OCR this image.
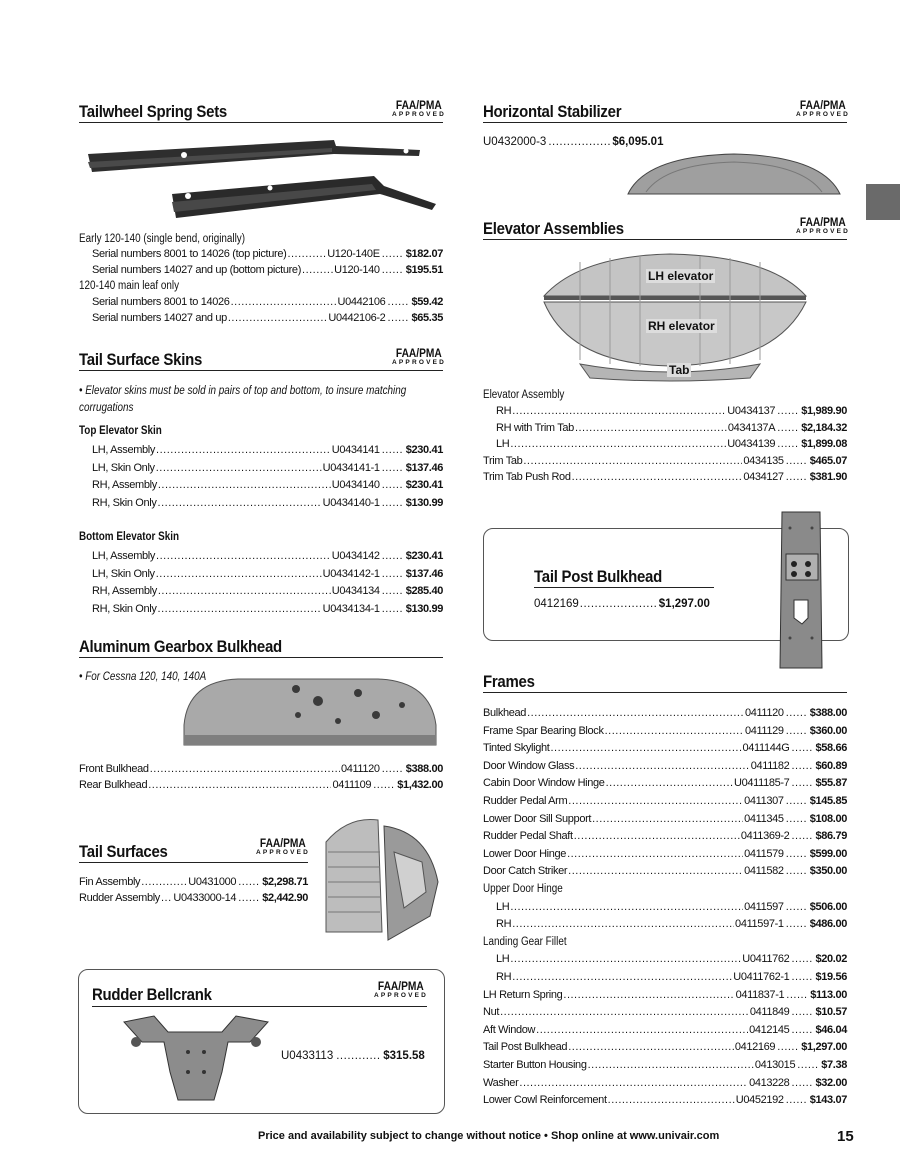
Tailwheel Spring Sets	FAA/PMA
APPROVED
Early 120-140 (single bend, originally)
120-140 main leaf only
Tail Surface Skins	FAA/PMA
APPROVED
• Elevator skins must be sold in pairs of top and bottom, to insure matching corrugations
Top Elevator Skin
Bottom Elevator Skin
Aluminum Gearbox Bulkhead
• For Cessna 120, 140, 140A
Tail Surfaces	FAA/PMA
APPROVED
Rudder Bellcrank	FAA/PMA
APPROVED
U0433113 .....	$315.58
Horizontal Stabilizer	FAA/PMA
APPROVED
U0432000-3 .....	$6,095.01
Elevator Assemblies	FAA/PMA
APPROVED
LH elevator
RH elevator
Tab
Elevator Assembly
Tail Post Bulkhead
0412169 .....	$1,297.00
Frames
Serial numbers 8001 to 14026 (top picture) .....	U120-140E ..... $182.07
Serial numbers 14027 and up (bottom picture) .....	U120-140 ..... $195.51
Serial numbers 8001 to 14026 .....	U0442106 ..... $59.42
Serial numbers 14027 and up .....	U0442106-2 ..... $65.35
LH, Assembly .....	U0434141 ..... $230.41
LH, Skin Only .....	U0434141-1 ..... $137.46
RH, Assembly .....	U0434140 ..... $230.41
RH, Skin Only .....	U0434140-1 ..... $130.99
LH, Assembly .....	U0434142 ..... $230.41
LH, Skin Only .....	U0434142-1 ..... $137.46
RH, Assembly .....	U0434134 ..... $285.40
RH, Skin Only .....	U0434134-1 ..... $130.99
Front Bulkhead .....	0411120 ..... $388.00
Rear Bulkhead .....	0411109 ..... $1,432.00
Fin Assembly .....	U0431000 ..... $2,298.71
Rudder Assembly ..... U0433000-14 ..... $2,442.90
RH .....	U0434137 ..... $1,989.90
RH with Trim Tab .....	0434137A ..... $2,184.32
LH .....	U0434139 ..... $1,899.08
Trim Tab .....	0434135 ..... $465.07
Trim Tab Push Rod .....	0434127 ..... $381.90
Bulkhead .....	0411120 ..... $388.00
Frame Spar Bearing Block .....	0411129 ..... $360.00
Tinted Skylight .....	0411144G ..... $58.66
Door Window Glass .....	0411182 ..... $60.89
Cabin Door Window Hinge .....	U0411185-7 ..... $55.87
Rudder Pedal Arm .....	0411307 ..... $145.85
Lower Door Sill Support .....	0411345 ..... $108.00
Rudder Pedal Shaft .....	0411369-2 ..... $86.79
Lower Door Hinge .....	0411579 ..... $599.00
Door Catch Striker .....	0411582 ..... $350.00
Upper Door Hinge
LH .....	0411597 ..... $506.00
RH .....	0411597-1 ..... $486.00
Landing Gear Fillet
LH .....	U0411762 ..... $20.02
RH .....	U0411762-1 ..... $19.56
LH Return Spring .....	0411837-1 ..... $113.00
Nut .....	0411849 ..... $10.57
Aft Window .....	0412145 ..... $46.04
Tail Post Bulkhead .....	0412169 ..... $1,297.00
Starter Button Housing .....	0413015 ..... $7.38
Washer .....	0413228 ..... $32.00
Lower Cowl Reinforcement .....	U0452192 ..... $143.07
Price and availability subject to change without notice • Shop online at www.univair.com	15
